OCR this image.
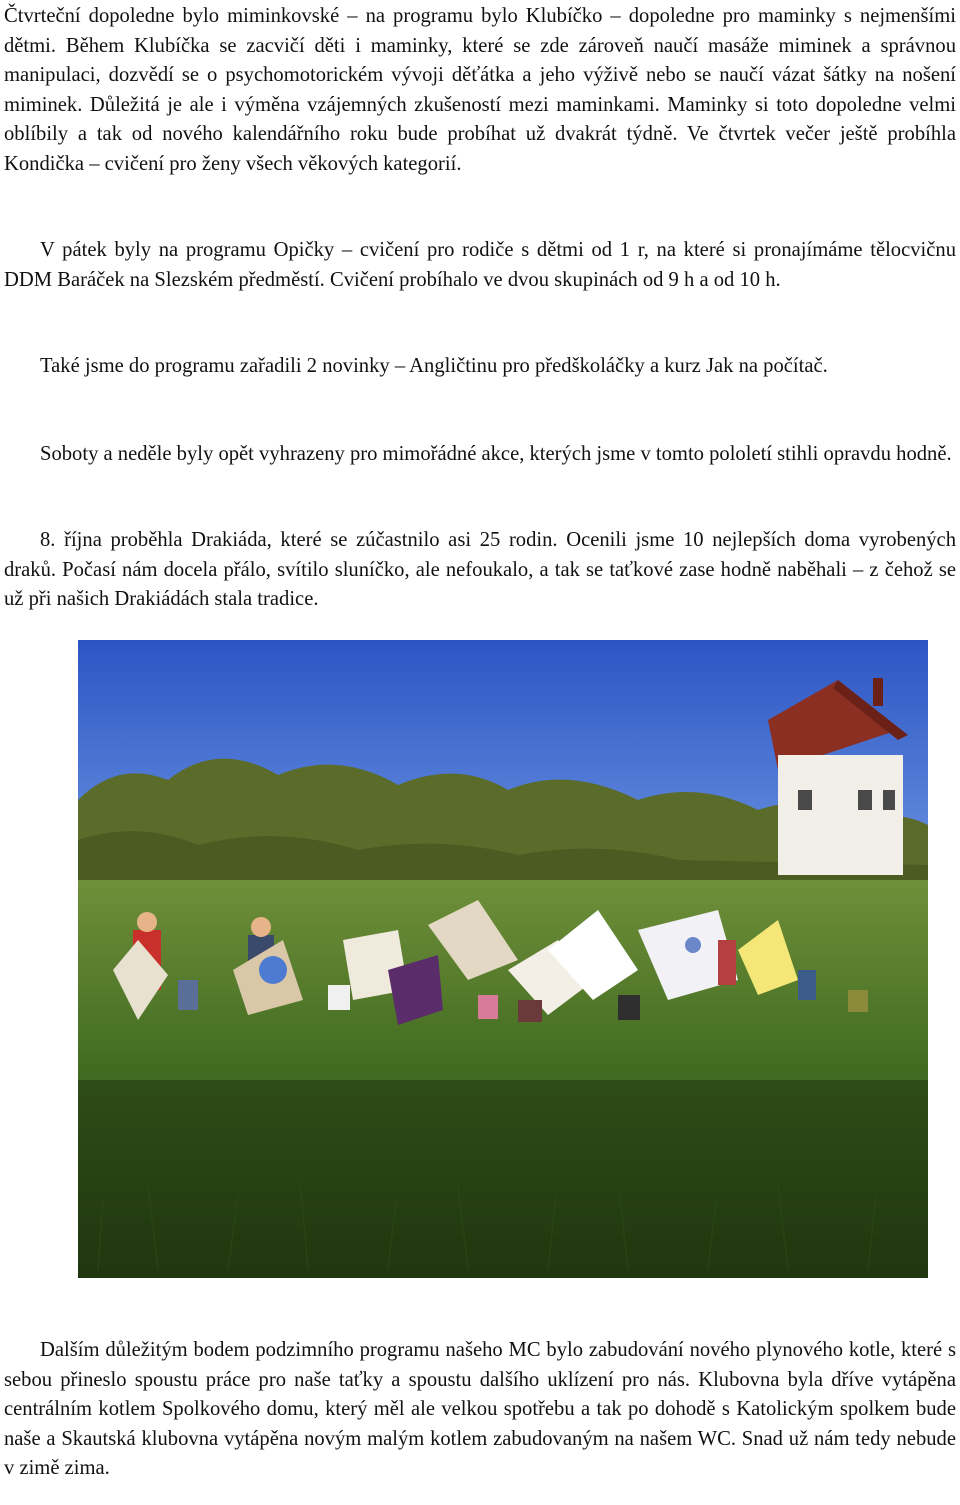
Čtvrteční dopoledne bylo miminkovské – na programu bylo Klubíčko – dopoledne pro maminky s nejmenšími dětmi. Během Klubíčka se zacvičí děti i maminky, které se zde zároveň naučí masáže miminek a správnou manipulaci, dozvědí se o psychomotorickém vývoji děťátka a jeho výživě nebo se naučí vázat šátky na nošení miminek. Důležitá je ale i výměna vzájemných zkušeností mezi maminkami. Maminky si toto dopoledne velmi oblíbily a tak od nového kalendářního roku bude probíhat už dvakrát týdně. Ve čtvrtek večer ještě probíhla Kondička – cvičení pro ženy všech věkových kategorií.

V pátek byly na programu Opičky – cvičení pro rodiče s dětmi od 1 r, na které si pronajímáme tělocvičnu DDM Baráček na Slezském předměstí. Cvičení probíhalo ve dvou skupinách od 9 h a od 10 h.

Také jsme do programu zařadili 2 novinky – Angličtinu pro předškoláčky a kurz Jak na počítač.

Soboty a neděle byly opět vyhrazeny pro mimořádné akce, kterých jsme v tomto pololetí stihli opravdu hodně.

8. října proběhla Drakiáda, které se zúčastnilo asi 25 rodin. Ocenili jsme 10 nejlepších doma vyrobených draků. Počasí nám docela přálo, svítilo sluníčko, ale nefoukalo, a tak se taťkové zase hodně naběhali – z čehož se už při našich Drakiádách stala tradice.

Dalším důležitým bodem podzimního programu našeho MC bylo zabudování nového plynového kotle, které s sebou přineslo spoustu práce pro naše taťky a spoustu dalšího uklízení pro nás. Klubovna byla dříve vytápěna centrálním kotlem Spolkového domu, který měl ale velkou spotřebu a tak po dohodě s Katolickým spolkem bude naše a Skautská klubovna vytápěna novým malým kotlem zabudovaným na našem WC. Snad už nám tedy nebude v zimě zima.
